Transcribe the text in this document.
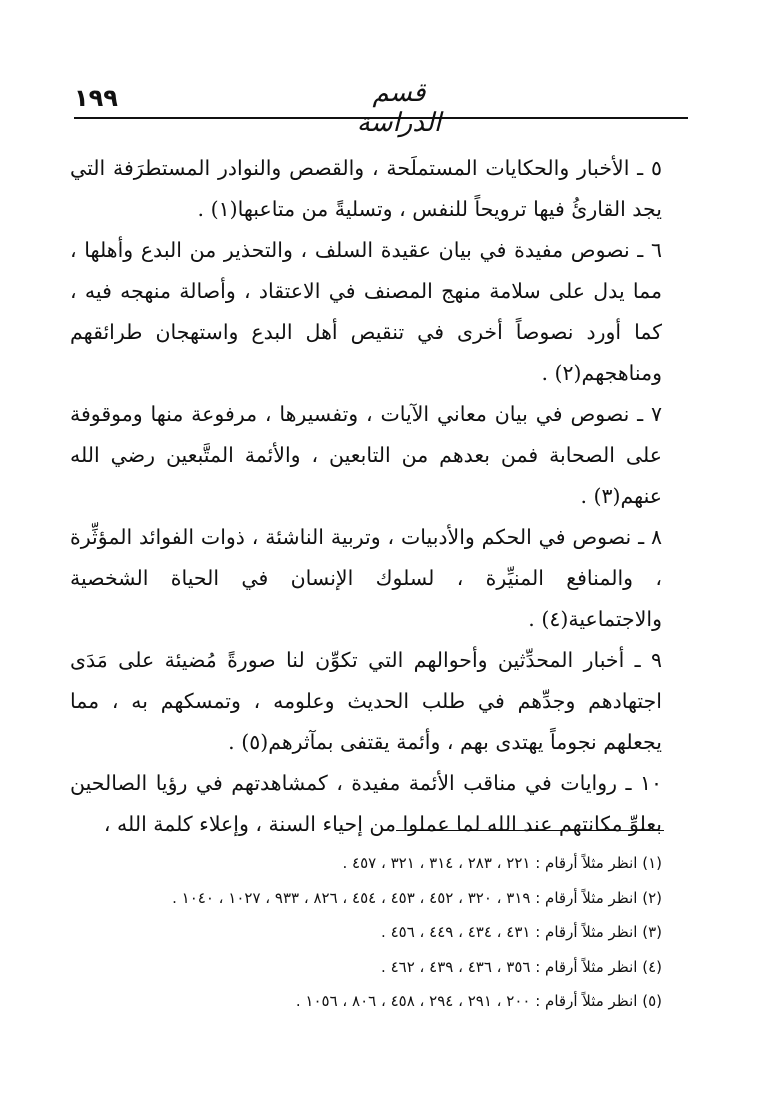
١٩٩	قسم الدراسة

٥ ـ الأخبار والحكايات المستملَحة ، والقصص والنوادر المستطرَفة التي يجد القارئُ فيها ترويحاً للنفس ، وتسليةً من متاعبها(١) .

٦ ـ نصوص مفيدة في بيان عقيدة السلف ، والتحذير من البدع وأهلها ، مما يدل على سلامة منهج المصنف في الاعتقاد ، وأصالة منهجه فيه ، كما أورد نصوصاً أخرى في تنقيص أهل البدع واستهجان طرائقهم ومناهجهم(٢) .

٧ ـ نصوص في بيان معاني الآيات ، وتفسيرها ، مرفوعة منها وموقوفة على الصحابة فمن بعدهم من التابعين ، والأئمة المتَّبعين رضي الله عنهم(٣) .

٨ ـ نصوص في الحكم والأدبيات ، وتربية الناشئة ، ذوات الفوائد المؤثِّرة ، والمنافع المنيِّرة ، لسلوك الإنسان في الحياة الشخصية والاجتماعية(٤) .

٩ ـ أخبار المحدِّثين وأحوالهم التي تكوِّن لنا صورةً مُضيئة على مَدَى اجتهادهم وجدِّهم في طلب الحديث وعلومه ، وتمسكهم به ، مما يجعلهم نجوماً يهتدى بهم ، وأئمة يقتفى بمآثرهم(٥) .

١٠ ـ روايات في مناقب الأئمة مفيدة ، كمشاهدتهم في رؤيا الصالحين بعلوِّ مكانتهم عند الله لما عملوا من إحياء السنة ، وإعلاء كلمة الله ،

(١) انظر مثلاً أرقام : ٢٢١ ، ٢٨٣ ، ٣١٤ ، ٣٢١ ، ٤٥٧ .
(٢) انظر مثلاً أرقام : ٣١٩ ، ٣٢٠ ، ٤٥٢ ، ٤٥٣ ، ٤٥٤ ، ٨٢٦ ، ٩٣٣ ، ١٠٢٧ ، ١٠٤٠ .
(٣) انظر مثلاً أرقام : ٤٣١ ، ٤٣٤ ، ٤٤٩ ، ٤٥٦ .
(٤) انظر مثلاً أرقام : ٣٥٦ ، ٤٣٦ ، ٤٣٩ ، ٤٦٢ .
(٥) انظر مثلاً أرقام : ٢٠٠ ، ٢٩١ ، ٢٩٤ ، ٤٥٨ ، ٨٠٦ ، ١٠٥٦ .
